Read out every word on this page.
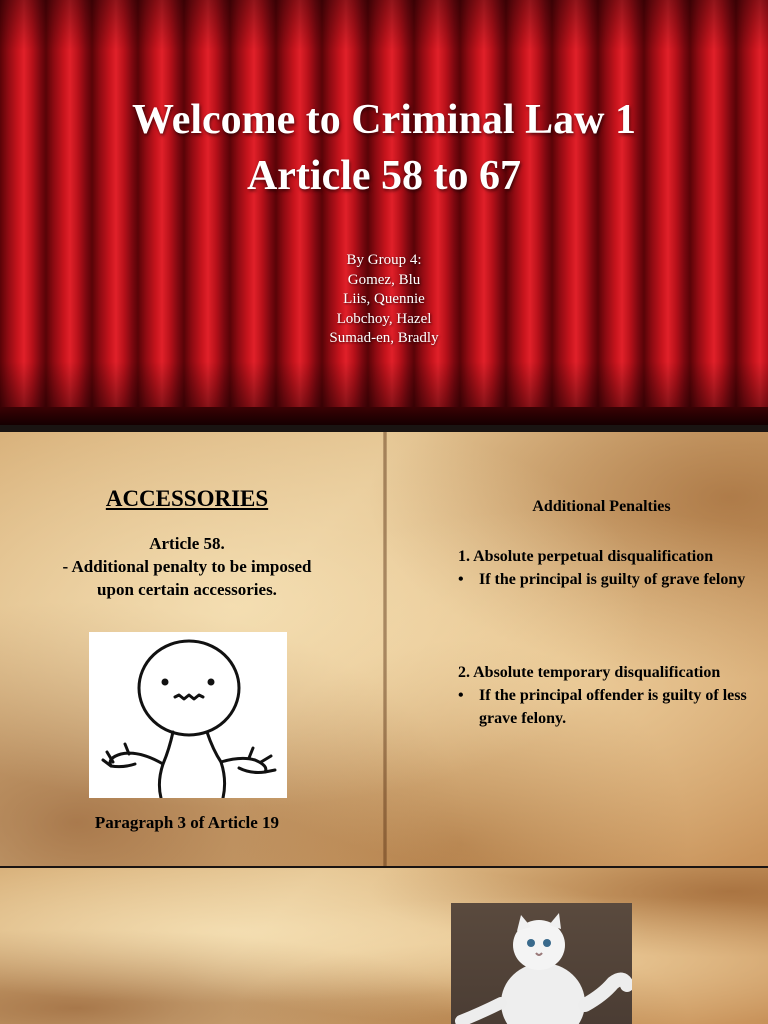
Welcome to Criminal Law 1
Article 58 to 67
By Group 4:
Gomez, Blu
Liis, Quennie
Lobchoy, Hazel
Sumad-en, Bradly
ACCESSORIES
Article 58.
- Additional penalty to be imposed
upon certain accessories.
Paragraph 3 of Article 19
Additional Penalties
1. Absolute perpetual disqualification
• If the principal is guilty of grave felony
2. Absolute temporary disqualification
• If the principal offender is guilty of less grave felony.
